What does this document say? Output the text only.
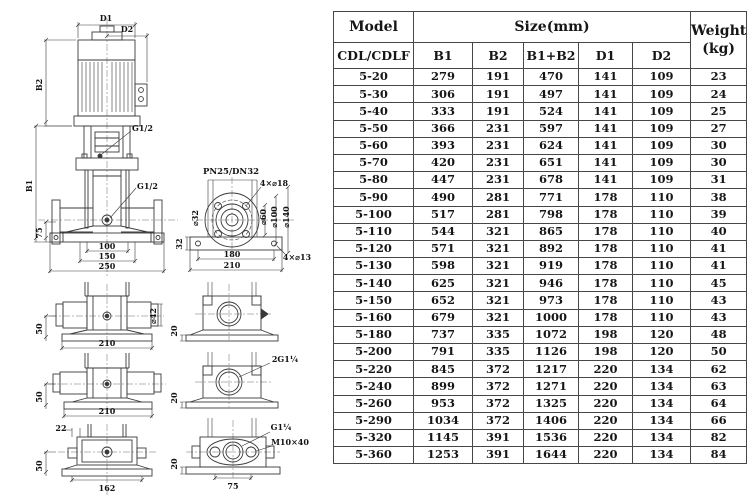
D1
D2
B2
B1
75
G1/2
G1/2
100
150
250
50
⌀42
210
50
210
22
50
162
PN25/DN32
4×⌀18
⌀32	⌀60 ⌀100 ⌀140
32
180
210
4×⌀13
20
2G1¼
20
G1¼
M10×40
20
75
Model	Size(mm)					Weight
(kg)

CDL/CDLF	B1	B2	B1+B2	D1	D2	
5-20	279	191	470	141	109	23
5-30	306	191	497	141	109	24
5-40	333	191	524	141	109	25
5-50	366	231	597	141	109	27
5-60	393	231	624	141	109	30
5-70	420	231	651	141	109	30
5-80	447	231	678	141	109	31
5-90	490	281	771	178	110	38
5-100	517	281	798	178	110	39
5-110	544	321	865	178	110	40
5-120	571	321	892	178	110	41
5-130	598	321	919	178	110	41
5-140	625	321	946	178	110	45
5-150	652	321	973	178	110	43
5-160	679	321	1000	178	110	43
5-180	737	335	1072	198	120	48
5-200	791	335	1126	198	120	50
5-220	845	372	1217	220	134	62
5-240	899	372	1271	220	134	63
5-260	953	372	1325	220	134	64
5-290	1034	372	1406	220	134	66
5-320	1145	391	1536	220	134	82
5-360	1253	391	1644	220	134	84
